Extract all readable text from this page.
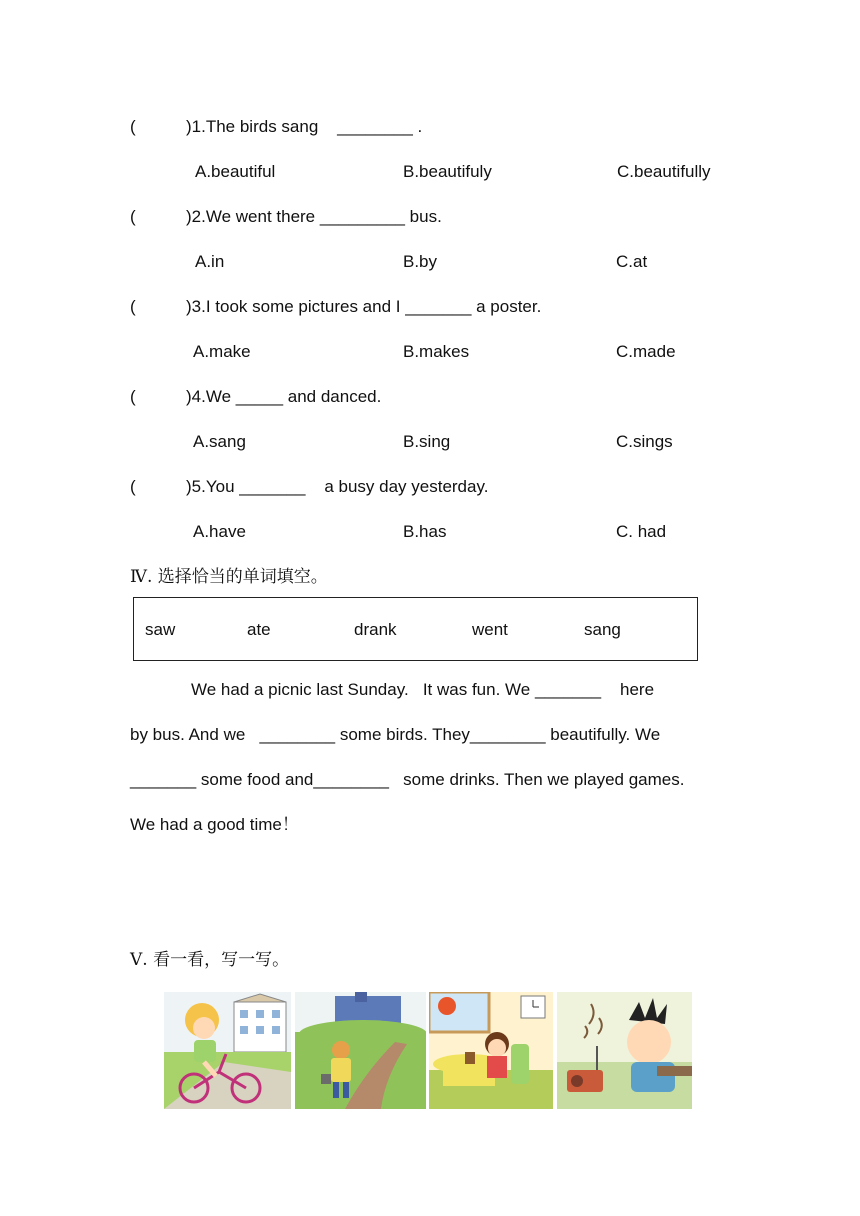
(	)1.The birds sang    ________ .
A.beautiful	B.beautifuly	C.beautifully
(	)2.We went there _________ bus.
A.in	B.by	C.at
(	)3.I took some pictures and I _______ a poster.
A.make	B.makes	C.made
(	)4.We _____ and danced.
A.sang	B.sing	C.sings
(	)5.You _______    a busy day yesterday.
A.have	B.has	C. had
Ⅳ. 选择恰当的单词填空。
saw	ate	drank	went	sang
We had a picnic last Sunday.   It was fun. We _______    here
by bus. And we   ________ some birds. They________ beautifully. We
_______ some food and________   some drinks. Then we played games.
We had a good time！
Ⅴ. 看一看，写一写。
